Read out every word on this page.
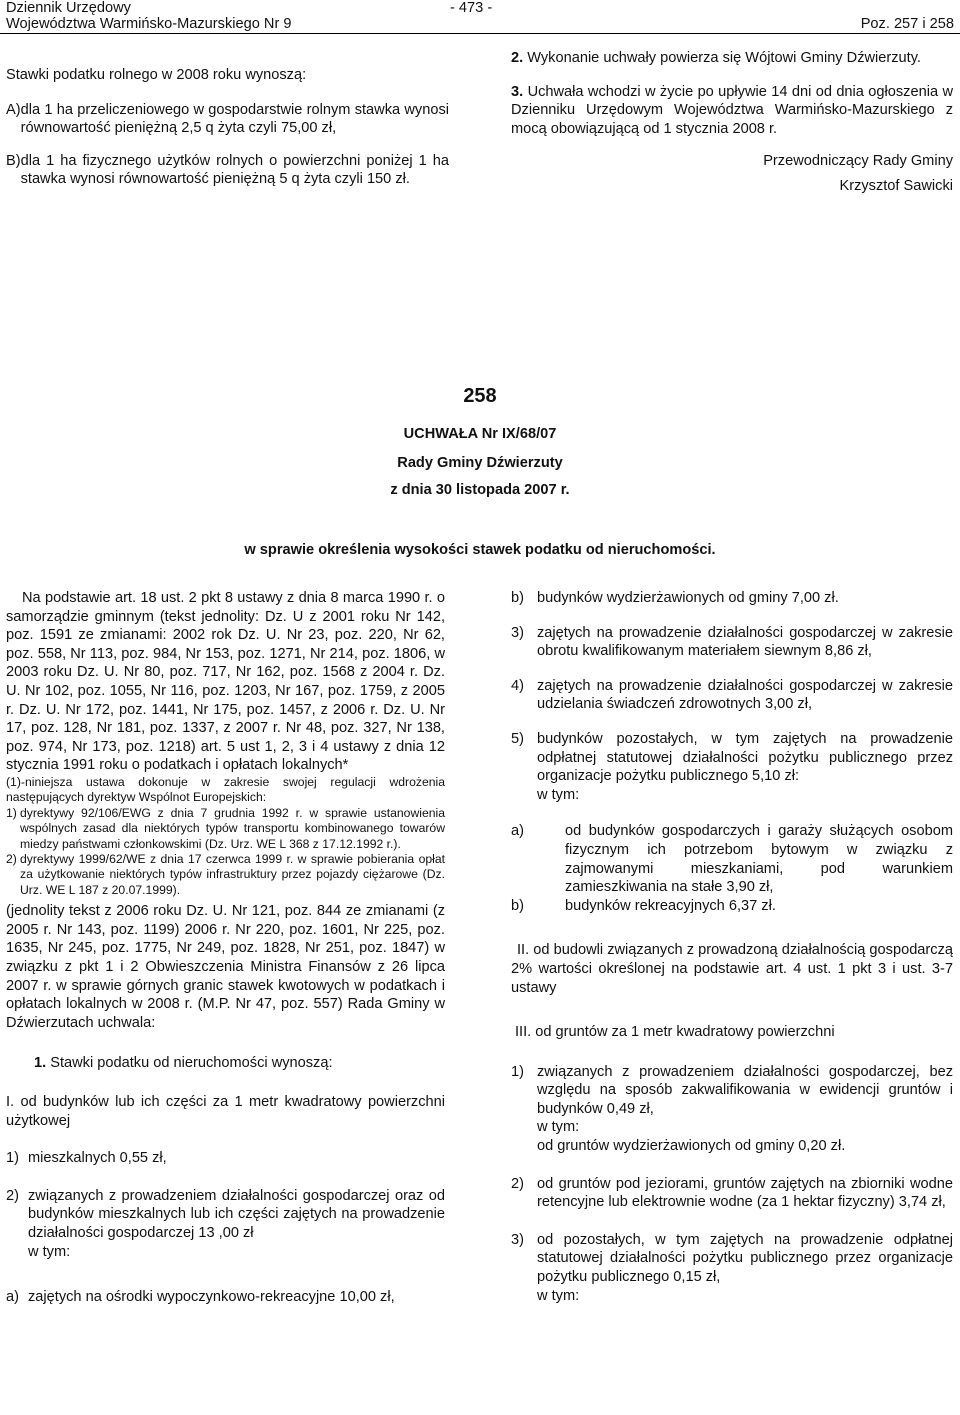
Dziennik Urzędowy
Województwa Warmińsko-Mazurskiego Nr 9
- 473 -
Poz. 257 i 258
Stawki podatku rolnego w 2008 roku wynoszą:
A) dla 1 ha przeliczeniowego w gospodarstwie rolnym stawka wynosi równowartość pieniężną 2,5 q żyta czyli 75,00 zł,
B) dla 1 ha fizycznego użytków rolnych o powierzchni poniżej 1 ha stawka wynosi równowartość pieniężną 5 q żyta czyli 150 zł.
2. Wykonanie uchwały powierza się Wójtowi Gminy Dźwierzuty.
3. Uchwała wchodzi w życie po upływie 14 dni od dnia ogłoszenia w Dzienniku Urzędowym Województwa Warmińsko-Mazurskiego z mocą obowiązującą od 1 stycznia 2008 r.
Przewodniczący Rady Gminy
Krzysztof Sawicki
258
UCHWAŁA Nr IX/68/07
Rady Gminy Dźwierzuty
z dnia 30 listopada 2007 r.
w sprawie określenia wysokości stawek podatku od nieruchomości.
Na podstawie art. 18 ust. 2 pkt 8 ustawy z dnia 8 marca 1990 r. o samorządzie gminnym (tekst jednolity: Dz. U z 2001 roku Nr 142, poz. 1591 ze zmianami: 2002 rok Dz. U. Nr 23, poz. 220, Nr 62, poz. 558, Nr 113, poz. 984, Nr 153, poz. 1271, Nr 214, poz. 1806, w 2003 roku Dz. U. Nr 80, poz. 717, Nr 162, poz. 1568 z 2004 r. Dz. U. Nr 102, poz. 1055, Nr 116, poz. 1203, Nr 167, poz. 1759, z 2005 r. Dz. U. Nr 172, poz. 1441, Nr 175, poz. 1457, z 2006 r. Dz. U. Nr 17, poz. 128, Nr 181, poz. 1337, z 2007 r. Nr 48, poz. 327, Nr 138, poz. 974, Nr 173, poz. 1218) art. 5 ust 1, 2, 3 i 4 ustawy z dnia 12 stycznia 1991 roku o podatkach i opłatach lokalnych*
(1)-niniejsza ustawa dokonuje w zakresie swojej regulacji wdrożenia następujących dyrektyw Wspólnot Europejskich:
1) dyrektywy 92/106/EWG z dnia 7 grudnia 1992 r. w sprawie ustanowienia wspólnych zasad dla niektórych typów transportu kombinowanego towarów miedzy państwami członkowskimi (Dz. Urz. WE L 368 z 17.12.1992 r.).
2) dyrektywy 1999/62/WE z dnia 17 czerwca 1999 r. w sprawie pobierania opłat za użytkowanie niektórych typów infrastruktury przez pojazdy ciężarowe (Dz. Urz. WE L 187 z 20.07.1999).
(jednolity tekst z 2006 roku Dz. U. Nr 121, poz. 844 ze zmianami (z 2005 r. Nr 143, poz. 1199) 2006 r. Nr 220, poz. 1601, Nr 225, poz. 1635, Nr 245, poz. 1775, Nr 249, poz. 1828, Nr 251, poz. 1847) w związku z pkt 1 i 2 Obwieszczenia Ministra Finansów z 26 lipca 2007 r. w sprawie górnych granic stawek kwotowych w podatkach i opłatach lokalnych w 2008 r. (M.P. Nr 47, poz. 557) Rada Gminy w Dźwierzutach uchwala:
1. Stawki podatku od nieruchomości wynoszą:
I. od budynków lub ich części za 1 metr kwadratowy powierzchni użytkowej
1) mieszkalnych 0,55 zł,
2) związanych z prowadzeniem działalności gospodarczej oraz od budynków mieszkalnych lub ich części zajętych na prowadzenie działalności gospodarczej 13 ,00 zł
w tym:
a) zajętych na ośrodki wypoczynkowo-rekreacyjne 10,00 zł,
b) budynków wydzierżawionych od gminy 7,00 zł.
3) zajętych na prowadzenie działalności gospodarczej w zakresie obrotu kwalifikowanym materiałem siewnym 8,86 zł,
4) zajętych na prowadzenie działalności gospodarczej w zakresie udzielania świadczeń zdrowotnych 3,00 zł,
5) budynków pozostałych, w tym zajętych na prowadzenie odpłatnej statutowej działalności pożytku publicznego przez organizacje pożytku publicznego 5,10 zł:
w tym:
a)	od budynków gospodarczych i garaży służących osobom fizycznym ich potrzebom bytowym w związku z zajmowanymi mieszkaniami, pod warunkiem zamieszkiwania na stałe 3,90 zł,
b)	budynków rekreacyjnych 6,37 zł.
II. od budowli związanych z prowadzoną działalnością gospodarczą 2% wartości określonej na podstawie art. 4 ust. 1 pkt 3 i ust. 3-7 ustawy
III. od gruntów za 1 metr kwadratowy powierzchni
1) związanych z prowadzeniem działalności gospodarczej, bez względu na sposób zakwalifikowania w ewidencji gruntów i budynków 0,49 zł,
w tym:
od gruntów wydzierżawionych od gminy 0,20 zł.
2) od gruntów pod jeziorami, gruntów zajętych na zbiorniki wodne retencyjne lub elektrownie wodne (za 1 hektar fizyczny) 3,74 zł,
3) od pozostałych, w tym zajętych na prowadzenie odpłatnej statutowej działalności pożytku publicznego przez organizacje pożytku publicznego 0,15 zł,
w tym:
